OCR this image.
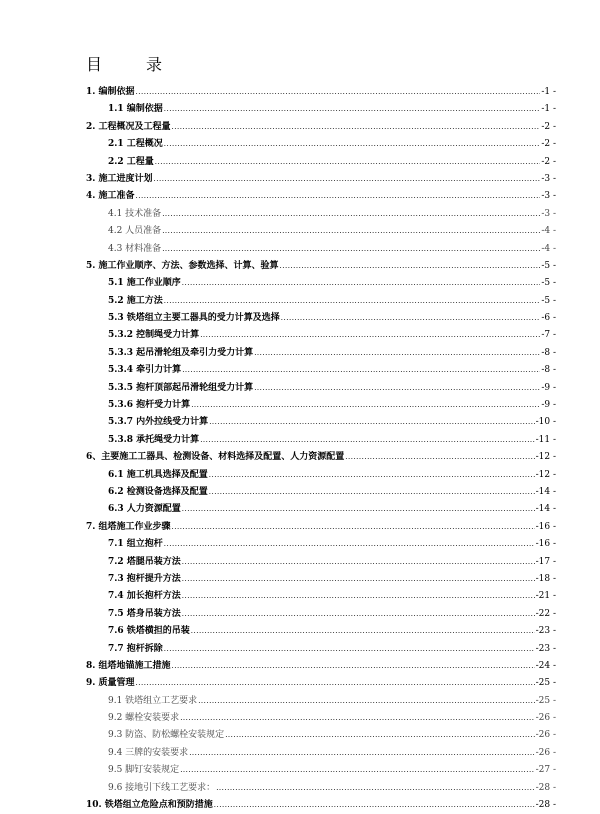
目　录
1. 编制依据 .....	-1 -
1.1 编制依据 .....	-1 -
2. 工程概况及工程量 .....	-2 -
2.1 工程概况 .....	-2 -
2.2 工程量 .....	-2 -
3. 施工进度计划 .....	-3 -
4. 施工准备 .....	-3 -
4.1 技术准备 .....	-3 -
4.2 人员准备 .....	-4 -
4.3 材料准备 .....	-4 -
5. 施工作业顺序、方法、参数选择、计算、验算 .....	-5 -
5.1 施工作业顺序 .....	-5 -
5.2 施工方法 .....	-5 -
5.3 铁塔组立主要工器具的受力计算及选择 .....	-6 -
5.3.2 控制绳受力计算 .....	-7 -
5.3.3 起吊滑轮组及牵引力受力计算 .....	-8 -
5.3.4 牵引力计算 .....	-8 -
5.3.5 抱杆顶部起吊滑轮组受力计算 .....	-9 -
5.3.6 抱杆受力计算 .....	-9 -
5.3.7 内外拉线受力计算 .....	-10 -
5.3.8 承托绳受力计算 .....	-11 -
6、主要施工工器具、检测设备、材料选择及配置、人力资源配置 .....	-12 -
6.1 施工机具选择及配置 .....	-12 -
6.2 检测设备选择及配置 .....	-14 -
6.3 人力资源配置 .....	-14 -
7. 组塔施工作业步骤 .....	-16 -
7.1 组立抱杆 .....	-16 -
7.2 塔腿吊装方法 .....	-17 -
7.3 抱杆提升方法 .....	-18 -
7.4 加长抱杆方法 .....	-21 -
7.5 塔身吊装方法 .....	-22 -
7.6 铁塔横担的吊装 .....	-23 -
7.7 抱杆拆除 .....	-23 -
8. 组塔地锚施工措施 .....	-24 -
9. 质量管理 .....	-25 -
9.1 铁塔组立工艺要求 .....	-25 -
9.2 螺栓安装要求 .....	-26 -
9.3 防盗、防松螺栓安装规定 .....	-26 -
9.4 三牌的安装要求 .....	-26 -
9.5 脚钉安装规定 .....	-27 -
9.6 接地引下线工艺要求： .....	-28 -
10. 铁塔组立危险点和预防措施 .....	-28 -
